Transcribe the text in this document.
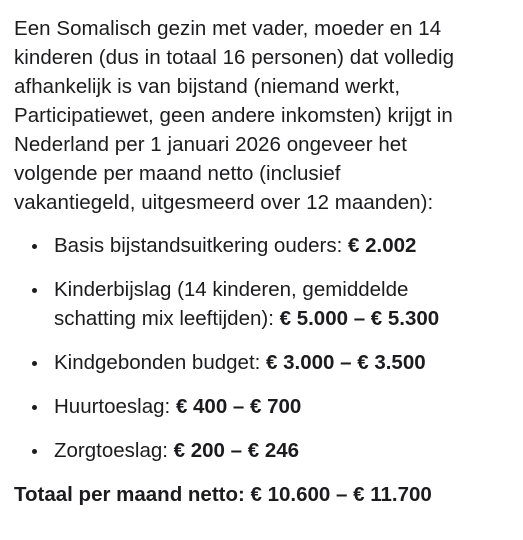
Een Somalisch gezin met vader, moeder en 14
kinderen (dus in totaal 16 personen) dat volledig
afhankelijk is van bijstand (niemand werkt,
Participatiewet, geen andere inkomsten) krijgt in
Nederland per 1 januari 2026 ongeveer het
volgende per maand netto (inclusief
vakantiegeld, uitgesmeerd over 12 maanden):

Basis bijstandsuitkering ouders: € 2.002
Kinderbijslag (14 kinderen, gemiddelde
schatting mix leeftijden): € 5.000 – € 5.300
Kindgebonden budget: € 3.000 – € 3.500
Huurtoeslag: € 400 – € 700
Zorgtoeslag: € 200 – € 246

Totaal per maand netto: € 10.600 – € 11.700
